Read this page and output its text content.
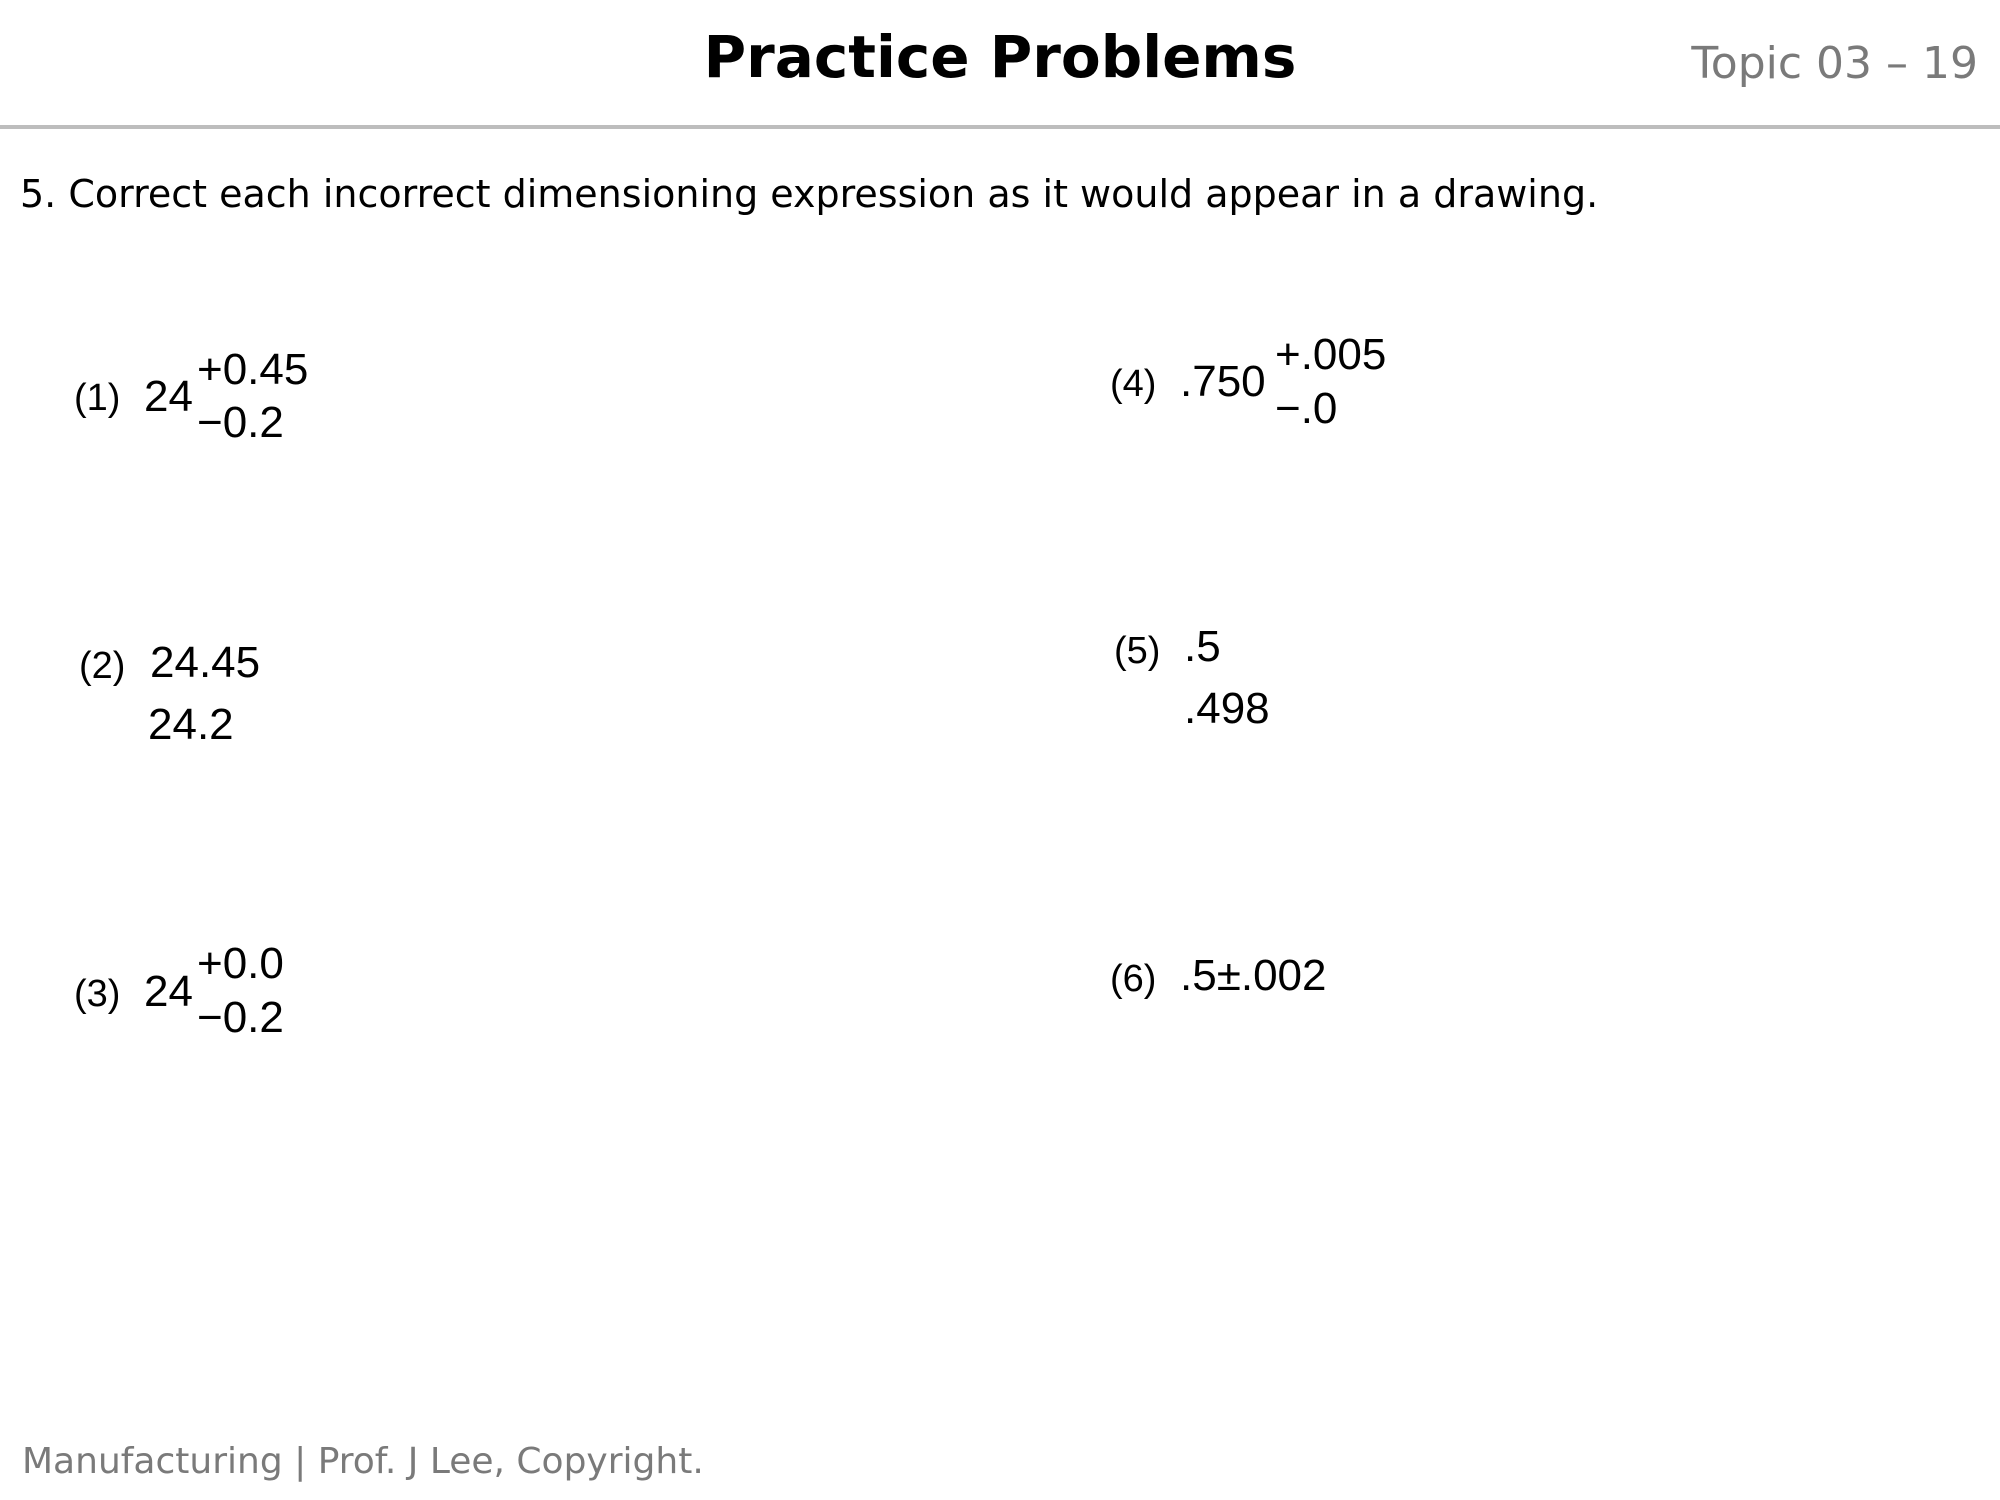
Practice Problems	Topic 03 – 19
5. Correct each incorrect dimensioning expression as it would appear in a drawing.
(1) 24
+0.45
−0.2
(2) 24.45
24.2
(3) 24
+0.0
−0.2
(4) .750
+.005
−.0
(5) .5
.498
(6) .5±.002
Manufacturing | Prof. J Lee, Copyright.
